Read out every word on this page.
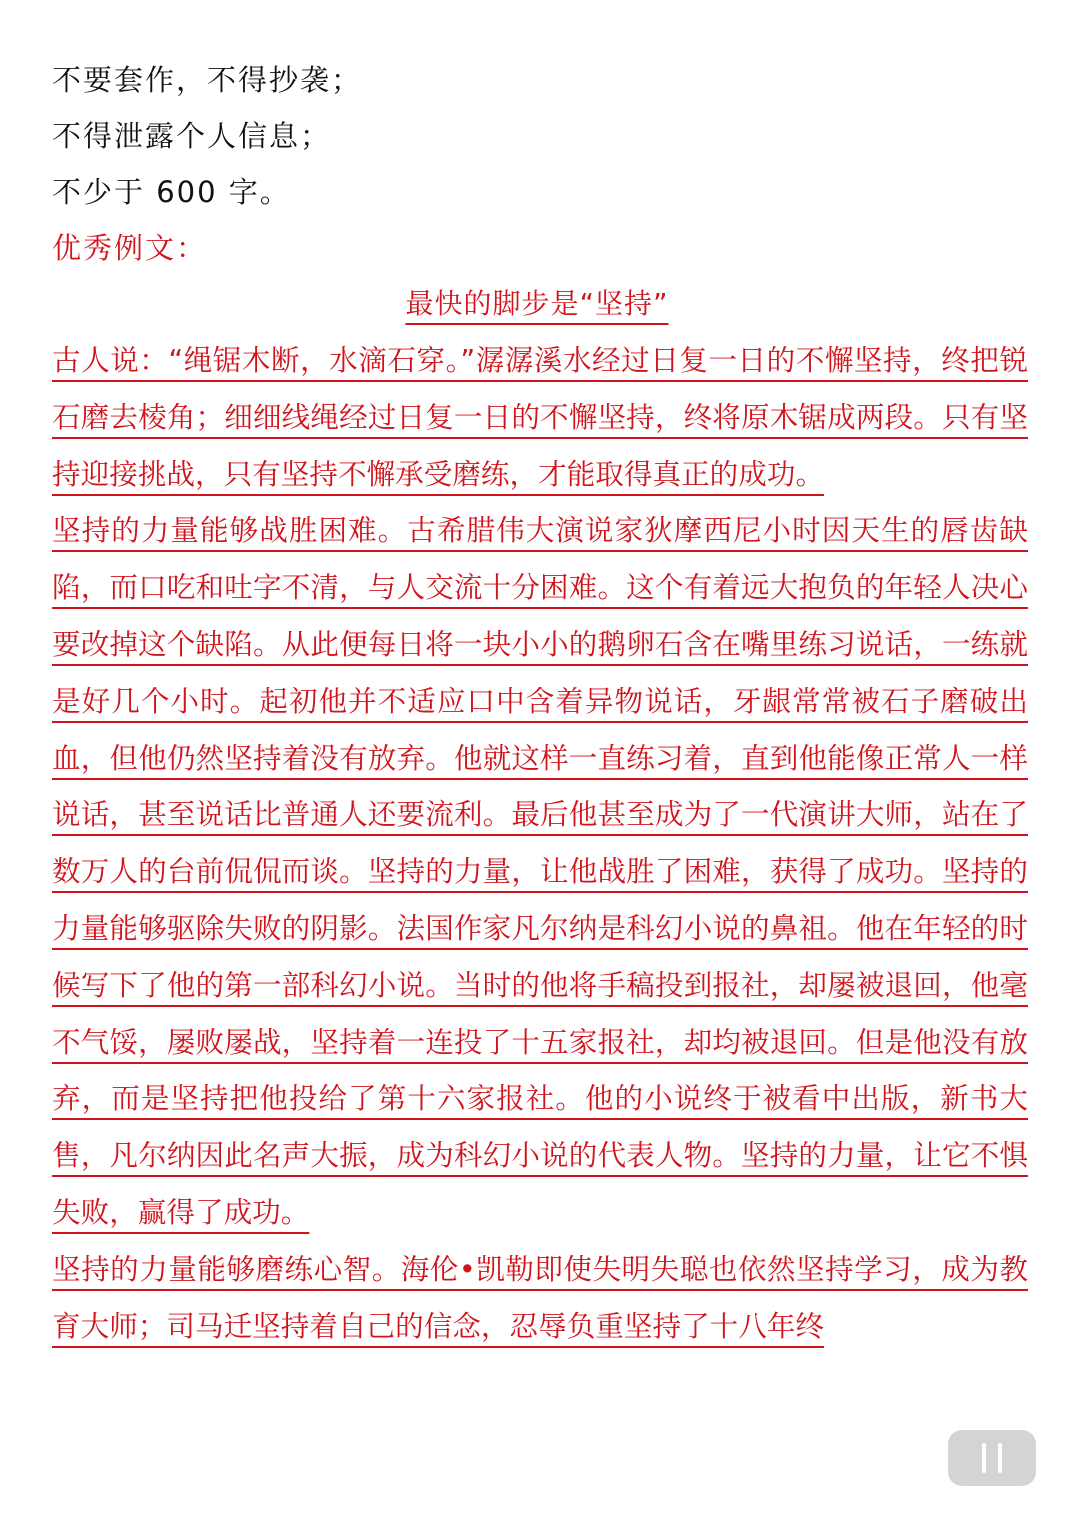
不要套作，不得抄袭；

不得泄露个人信息；

不少于 600 字。

优秀例文：

最快的脚步是“坚持”

古人说：“绳锯木断，水滴石穿。”潺潺溪水经过日复一日的不懈坚持，终把锐石磨去棱角；细细线绳经过日复一日的不懈坚持，终将原木锯成两段。只有坚持迎接挑战，只有坚持不懈承受磨练，才能取得真正的成功。

坚持的力量能够战胜困难。古希腊伟大演说家狄摩西尼小时因天生的唇齿缺陷，而口吃和吐字不清，与人交流十分困难。这个有着远大抱负的年轻人决心要改掉这个缺陷。从此便每日将一块小小的鹅卵石含在嘴里练习说话，一练就是好几个小时。起初他并不适应口中含着异物说话，牙龈常常被石子磨破出血，但他仍然坚持着没有放弃。他就这样一直练习着，直到他能像正常人一样说话，甚至说话比普通人还要流利。最后他甚至成为了一代演讲大师，站在了数万人的台前侃侃而谈。坚持的力量，让他战胜了困难，获得了成功。坚持的力量能够驱除失败的阴影。法国作家凡尔纳是科幻小说的鼻祖。他在年轻的时候写下了他的第一部科幻小说。当时的他将手稿投到报社，却屡被退回，他毫不气馁，屡败屡战，坚持着一连投了十五家报社，却均被退回。但是他没有放弃，而是坚持把他投给了第十六家报社。他的小说终于被看中出版，新书大售，凡尔纳因此名声大振，成为科幻小说的代表人物。坚持的力量，让它不惧失败，赢得了成功。

坚持的力量能够磨练心智。海伦•凯勒即使失明失聪也依然坚持学习，成为教育大师；司马迁坚持着自己的信念，忍辱负重坚持了十八年终
